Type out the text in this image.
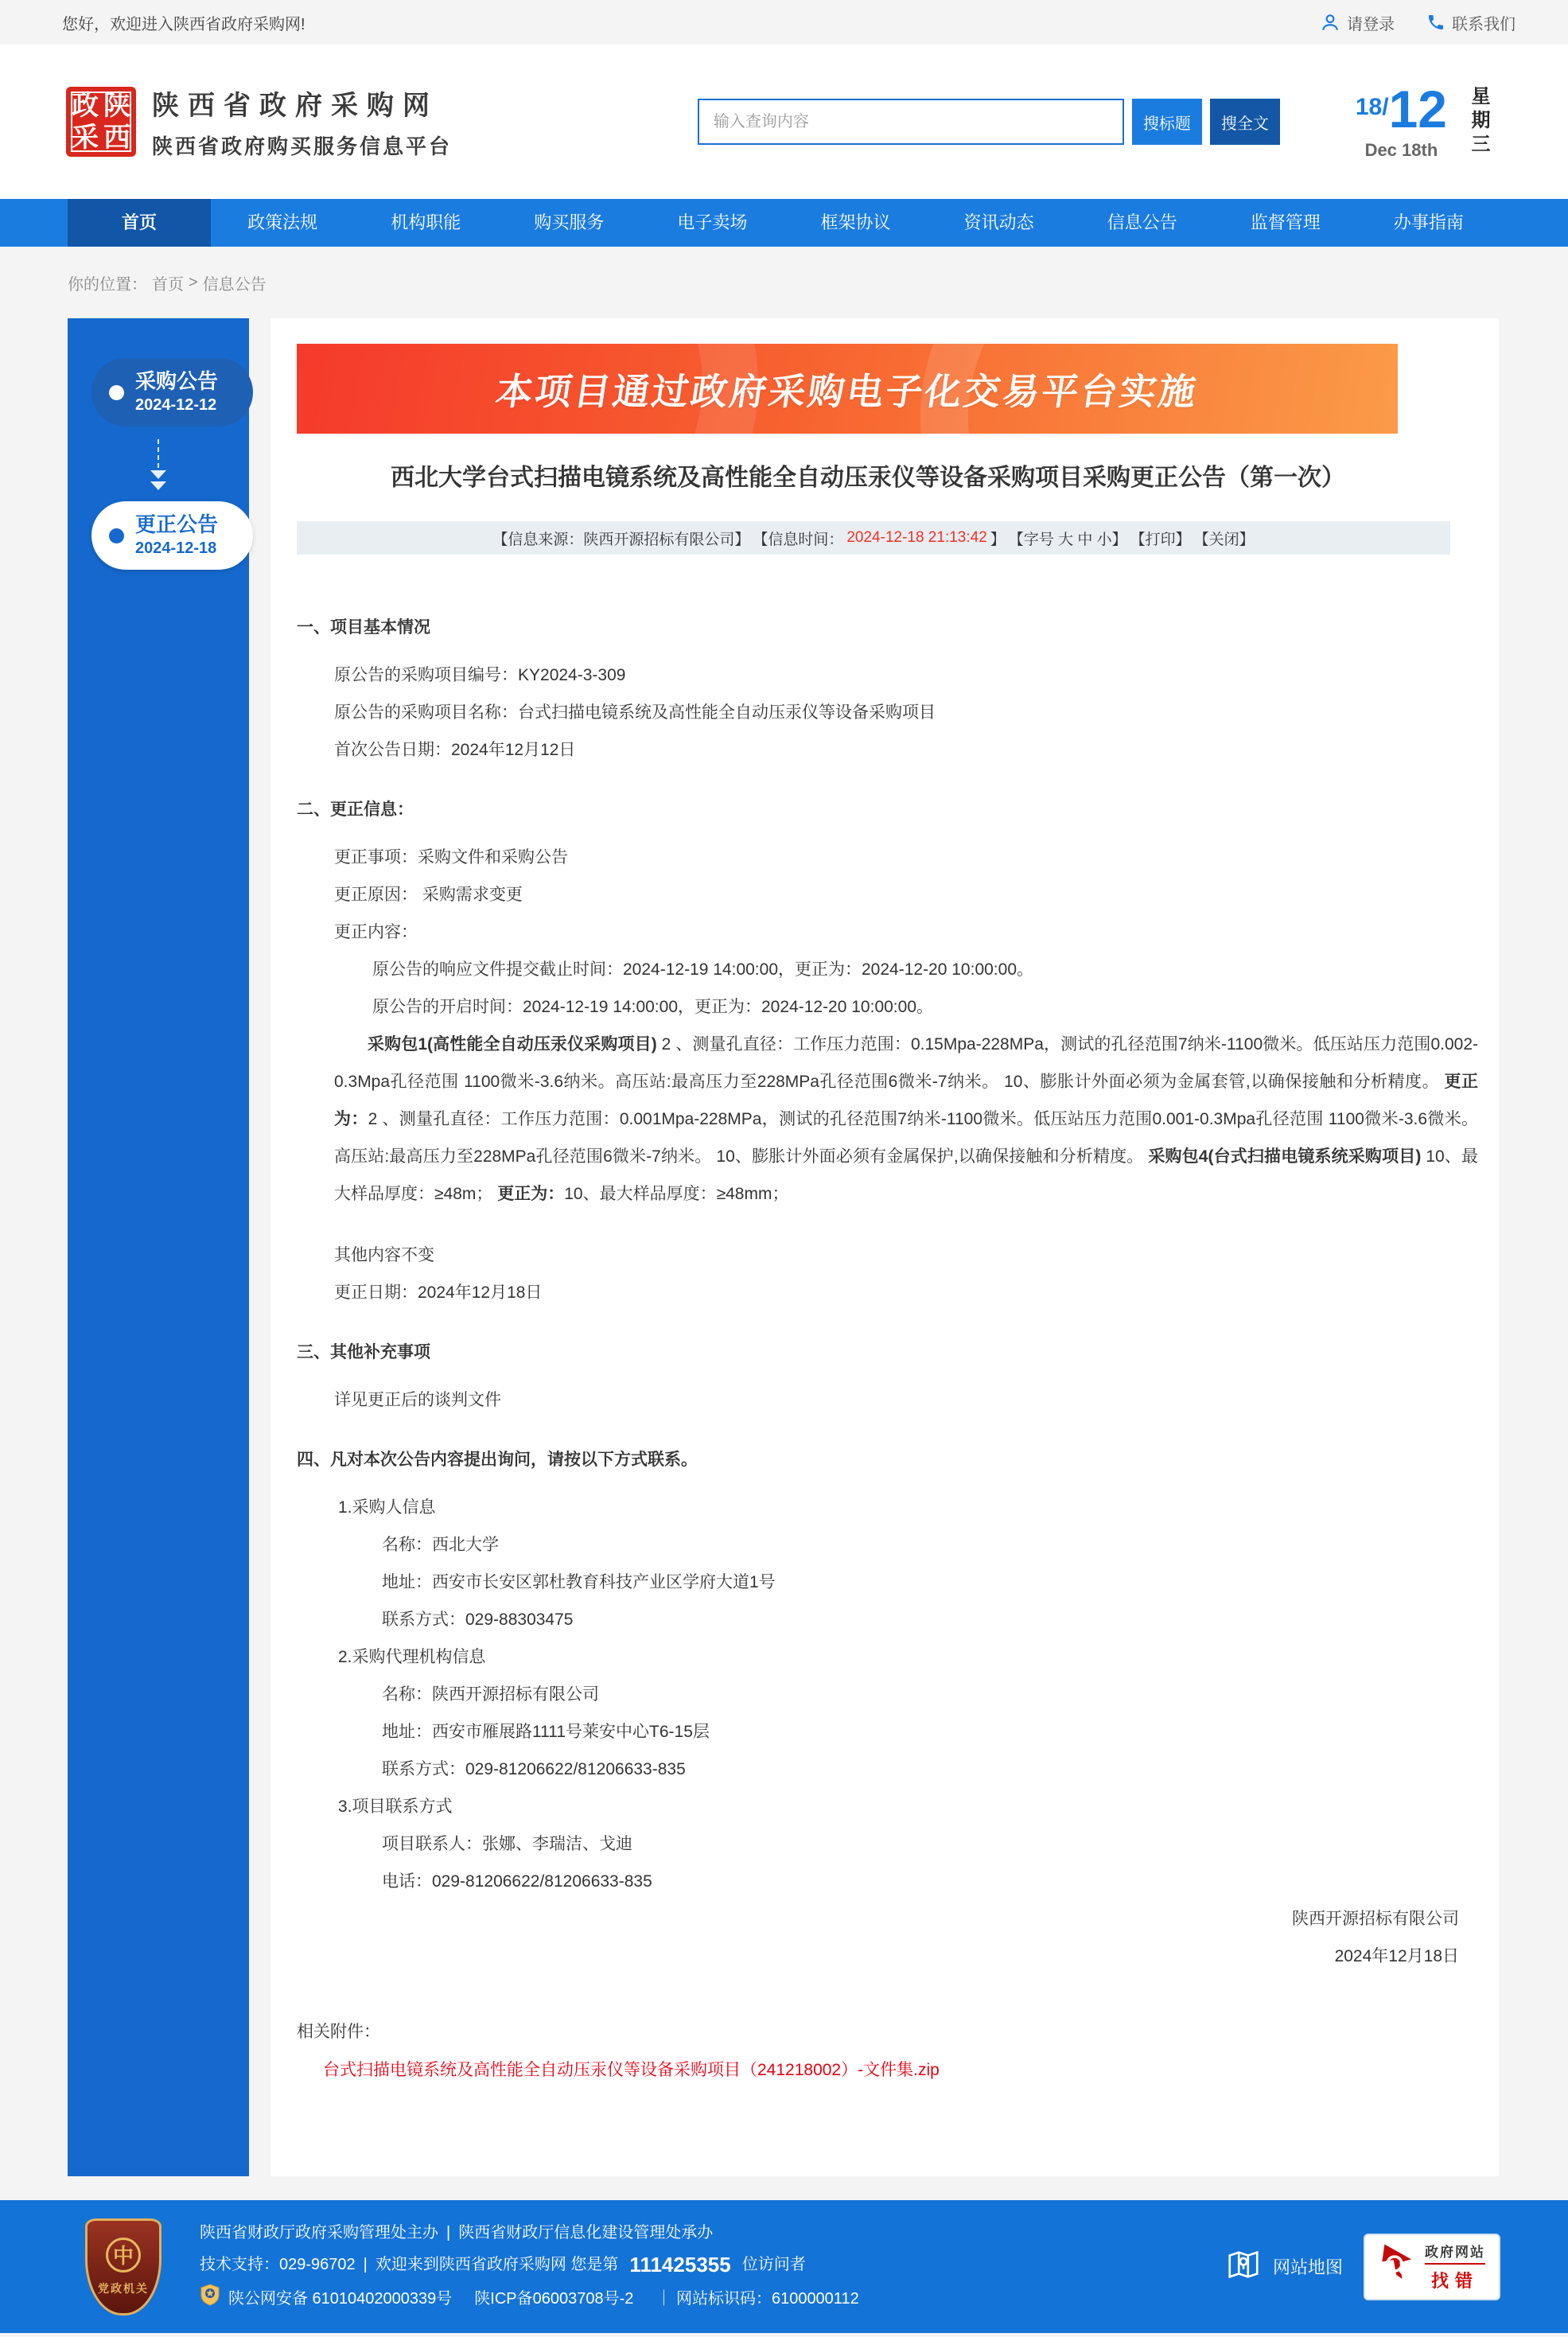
您好，欢迎进入陕西省政府采购网!	请登录	联系我们
政 陕
采 西
陕西省政府采购网
陕西省政府购买服务信息平台
输入查询内容
搜标题	搜全文
18/ 12
Dec 18th	星期三
首页	政策法规	机构职能	购买服务	电子卖场	框架协议	资讯动态	信息公告	监督管理	办事指南
你的位置： 首页 > 信息公告
采购公告
2024-12-12
更正公告
2024-12-18
本项目通过政府采购电子化交易平台实施
西北大学台式扫描电镜系统及高性能全自动压汞仪等设备采购项目采购更正公告（第一次）
【信息来源：陕西开源招标有限公司】 【信息时间： 2024-12-18 21:13:42 】 【字号 大 中 小】 【打印】 【关闭】
一、项目基本情况

原公告的采购项目编号：KY2024-3-309

原公告的采购项目名称：台式扫描电镜系统及高性能全自动压汞仪等设备采购项目

首次公告日期：2024年12月12日

二、更正信息：

更正事项：采购文件和采购公告

更正原因： 采购需求变更

更正内容：

原公告的响应文件提交截止时间：2024-12-19 14:00:00，更正为：2024-12-20 10:00:00。

原公告的开启时间：2024-12-19 14:00:00，更正为：2024-12-20 10:00:00。

采购包1(高性能全自动压汞仪采购项目) 2 、测量孔直径：工作压力范围：0.15Mpa-228MPa，测试的孔径范围7纳米-1100微米。低压站压力范围0.002-0.3Mpa孔径范围 1100微米-3.6纳米。高压站:最高压力至228MPa孔径范围6微米-7纳米。 10、膨胀计外面必须为金属套管,以确保接触和分析精度。 更正为：2 、测量孔直径：工作压力范围：0.001Mpa-228MPa，测试的孔径范围7纳米-1100微米。低压站压力范围0.001-0.3Mpa孔径范围 1100微米-3.6微米。高压站:最高压力至228MPa孔径范围6微米-7纳米。 10、膨胀计外面必须有金属保护,以确保接触和分析精度。 采购包4(台式扫描电镜系统采购项目) 10、最大样品厚度：≥48m； 更正为：10、最大样品厚度：≥48mm；

其他内容不变

更正日期：2024年12月18日

三、其他补充事项

详见更正后的谈判文件

四、凡对本次公告内容提出询问，请按以下方式联系。

1.采购人信息

名称：西北大学

地址：西安市长安区郭杜教育科技产业区学府大道1号

联系方式：029-88303475

2.采购代理机构信息

名称：陕西开源招标有限公司

地址：西安市雁展路1111号莱安中心T6-15层

联系方式：029-81206622/81206633-835

3.项目联系方式

项目联系人：张娜、李瑞洁、戈迪

电话：029-81206622/81206633-835

陕西开源招标有限公司

2024年12月18日

相关附件：

台式扫描电镜系统及高性能全自动压汞仪等设备采购项目（241218002）-文件集.zip
中
党政机关
陕西省财政厅政府采购管理处主办 | 陕西省财政厅信息化建设管理处承办
技术支持：029-96702 | 欢迎来到陕西省政府采购网 您是第 111425355 位访问者
陕公网安备 61010402000339号 陕ICP备06003708号-2 ｜ 网站标识码：6100000112
网站地图
政府网站
找错
